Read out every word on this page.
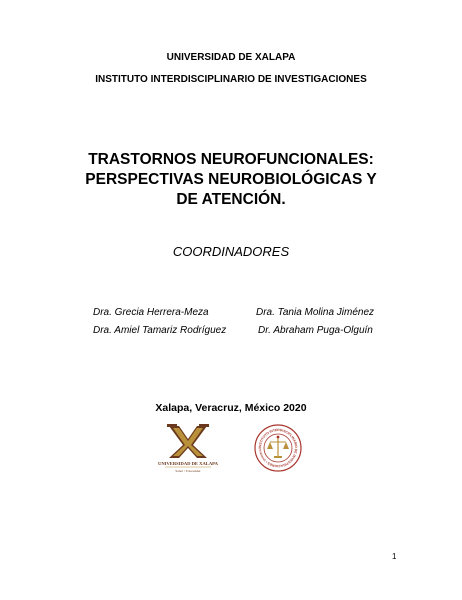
UNIVERSIDAD DE XALAPA
INSTITUTO INTERDISCIPLINARIO DE INVESTIGACIONES
TRASTORNOS NEUROFUNCIONALES:
PERSPECTIVAS NEUROBIOLÓGICAS Y
DE ATENCIÓN.
COORDINADORES
Dra. Grecia Herrera-Meza	Dra. Tania Molina Jiménez
Dra. Amiel Tamariz Rodríguez	Dr. Abraham Puga-Olguín
Xalapa, Veracruz, México 2020
UNIVERSIDAD DE XALAPA
Saber / Trascender
INSTITUTO INTERDISCIPLINARIO DE INVESTIGACIONES • Universi
1
